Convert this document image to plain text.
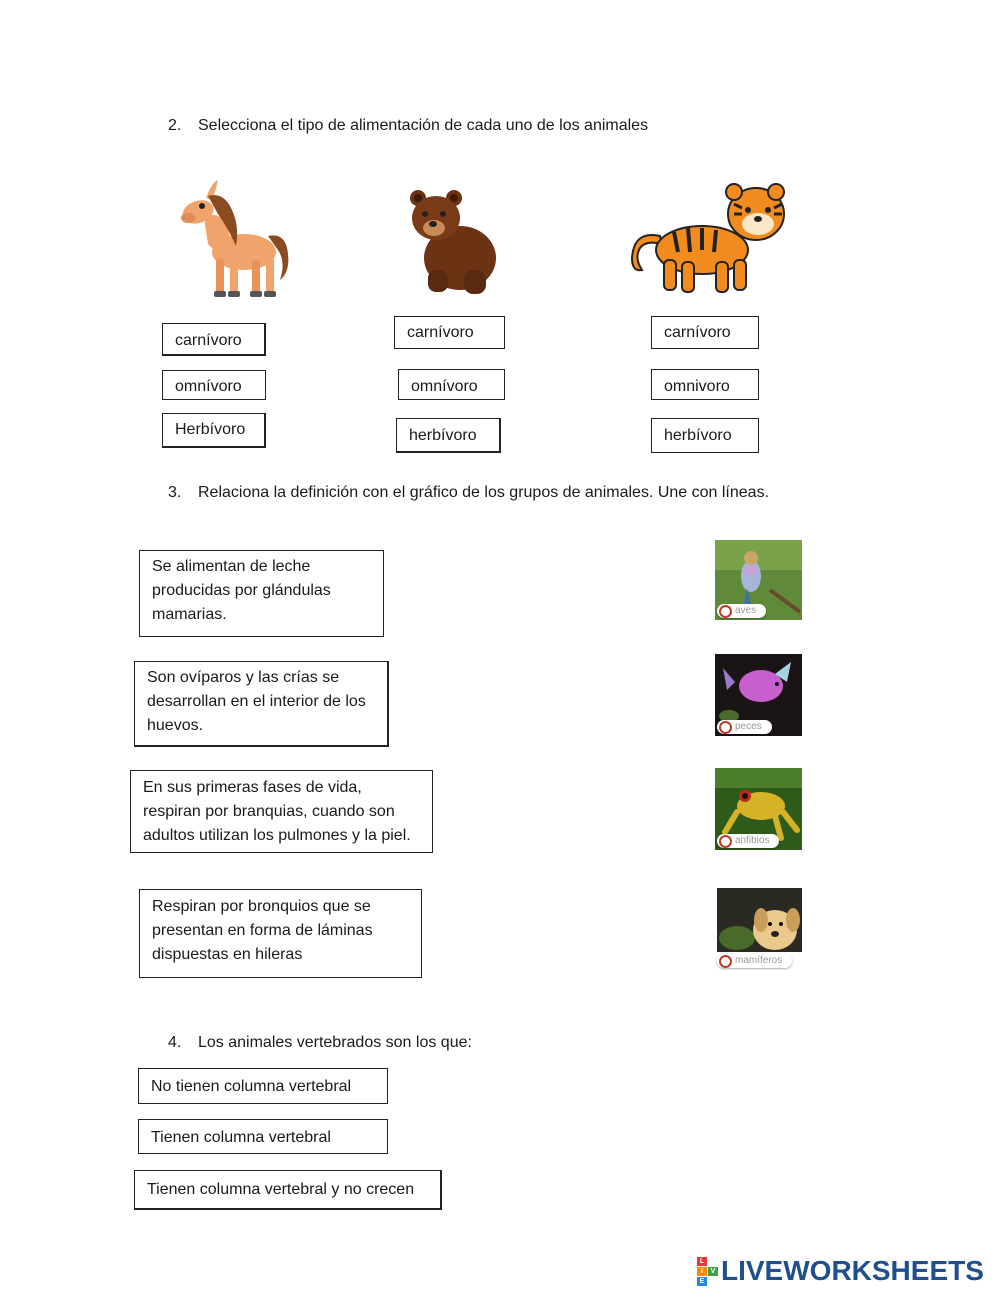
2. Selecciona el tipo de alimentación de cada uno de los animales
carnívoro
omnívoro
Herbívoro
carnívoro
omnívoro
herbívoro
carnívoro
omnivoro
herbívoro
3. Relaciona la definición con el gráfico de los grupos de animales. Une con líneas.
Se alimentan de leche producidas por glándulas mamarias.
Son ovíparos y las crías se desarrollan en el interior de los huevos.
En sus primeras fases de vida, respiran por branquias, cuando son adultos utilizan los pulmones y la piel.
Respiran por bronquios que se presentan en forma de láminas dispuestas en hileras
aves
peces
anfibios
mamíferos
4. Los animales vertebrados son los que:
No tienen columna vertebral
Tienen columna vertebral
Tienen columna vertebral y no crecen
L
I	V
E LIVEWORKSHEETS
